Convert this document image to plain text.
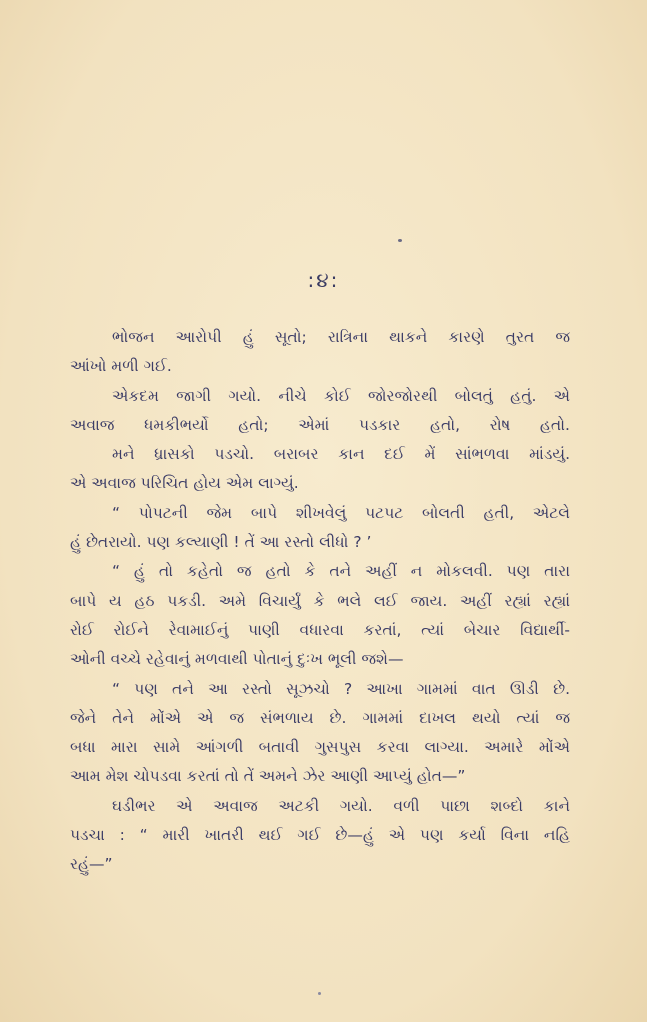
:૪:
ભોજન આરોપી હું સૂતો; રાત્રિના થાકને કારણે તુરત જ
આંખો મળી ગઈ.
એકદમ જાગી ગયો. નીચે કોઈ જોરજોરથી બોલતું હતું. એ
અવાજ ધમકીભર્યો હતો; એમાં પડકાર હતો, રોષ હતો.
મને ધ્રાસકો પડચો. બરાબર કાન દઈ મેં સાંભળવા માંડયું.
એ અવાજ પરિચિત હોય એમ લાગ્યું.
“ પોપટની જેમ બાપે શીખવેલું પટપટ બોલતી હતી, એટલે
હું છેતરાયો. પણ કલ્યાણી ! તેં આ રસ્તો લીધો ? ’
“ હું તો કહેતો જ હતો કે તને અહીં ન મોકલવી. પણ તારા
બાપે ય હઠ પકડી. અમે વિચાર્યું કે ભલે લઈ જાય. અહીં રહ્યાં રહ્યાં
રોઈ રોઈને રેવામાઈનું પાણી વધારવા કરતાં, ત્યાં બેચાર વિદ્યાર્થી-
ઓની વચ્ચે રહેવાનું મળવાથી પોતાનું દુઃખ ભૂલી જશે—
“ પણ તને આ રસ્તો સૂઝચો ? આખા ગામમાં વાત ઊડી છે.
જેને તેને મોંએ એ જ સંભળાય છે. ગામમાં દાખલ થયો ત્યાં જ
બધા મારા સામે આંગળી બતાવી ગુસપુસ કરવા લાગ્યા. અમારે મોંએ
આમ મેશ ચોપડવા કરતાં તો તેં અમને ઝેર આણી આપ્યું હોત—”
ઘડીભર એ અવાજ અટકી ગયો. વળી પાછા શબ્દો કાને
પડચા : “ મારી ખાતરી થઈ ગઈ છે—હું એ પણ કર્યા વિના નહિ
રહું—”
